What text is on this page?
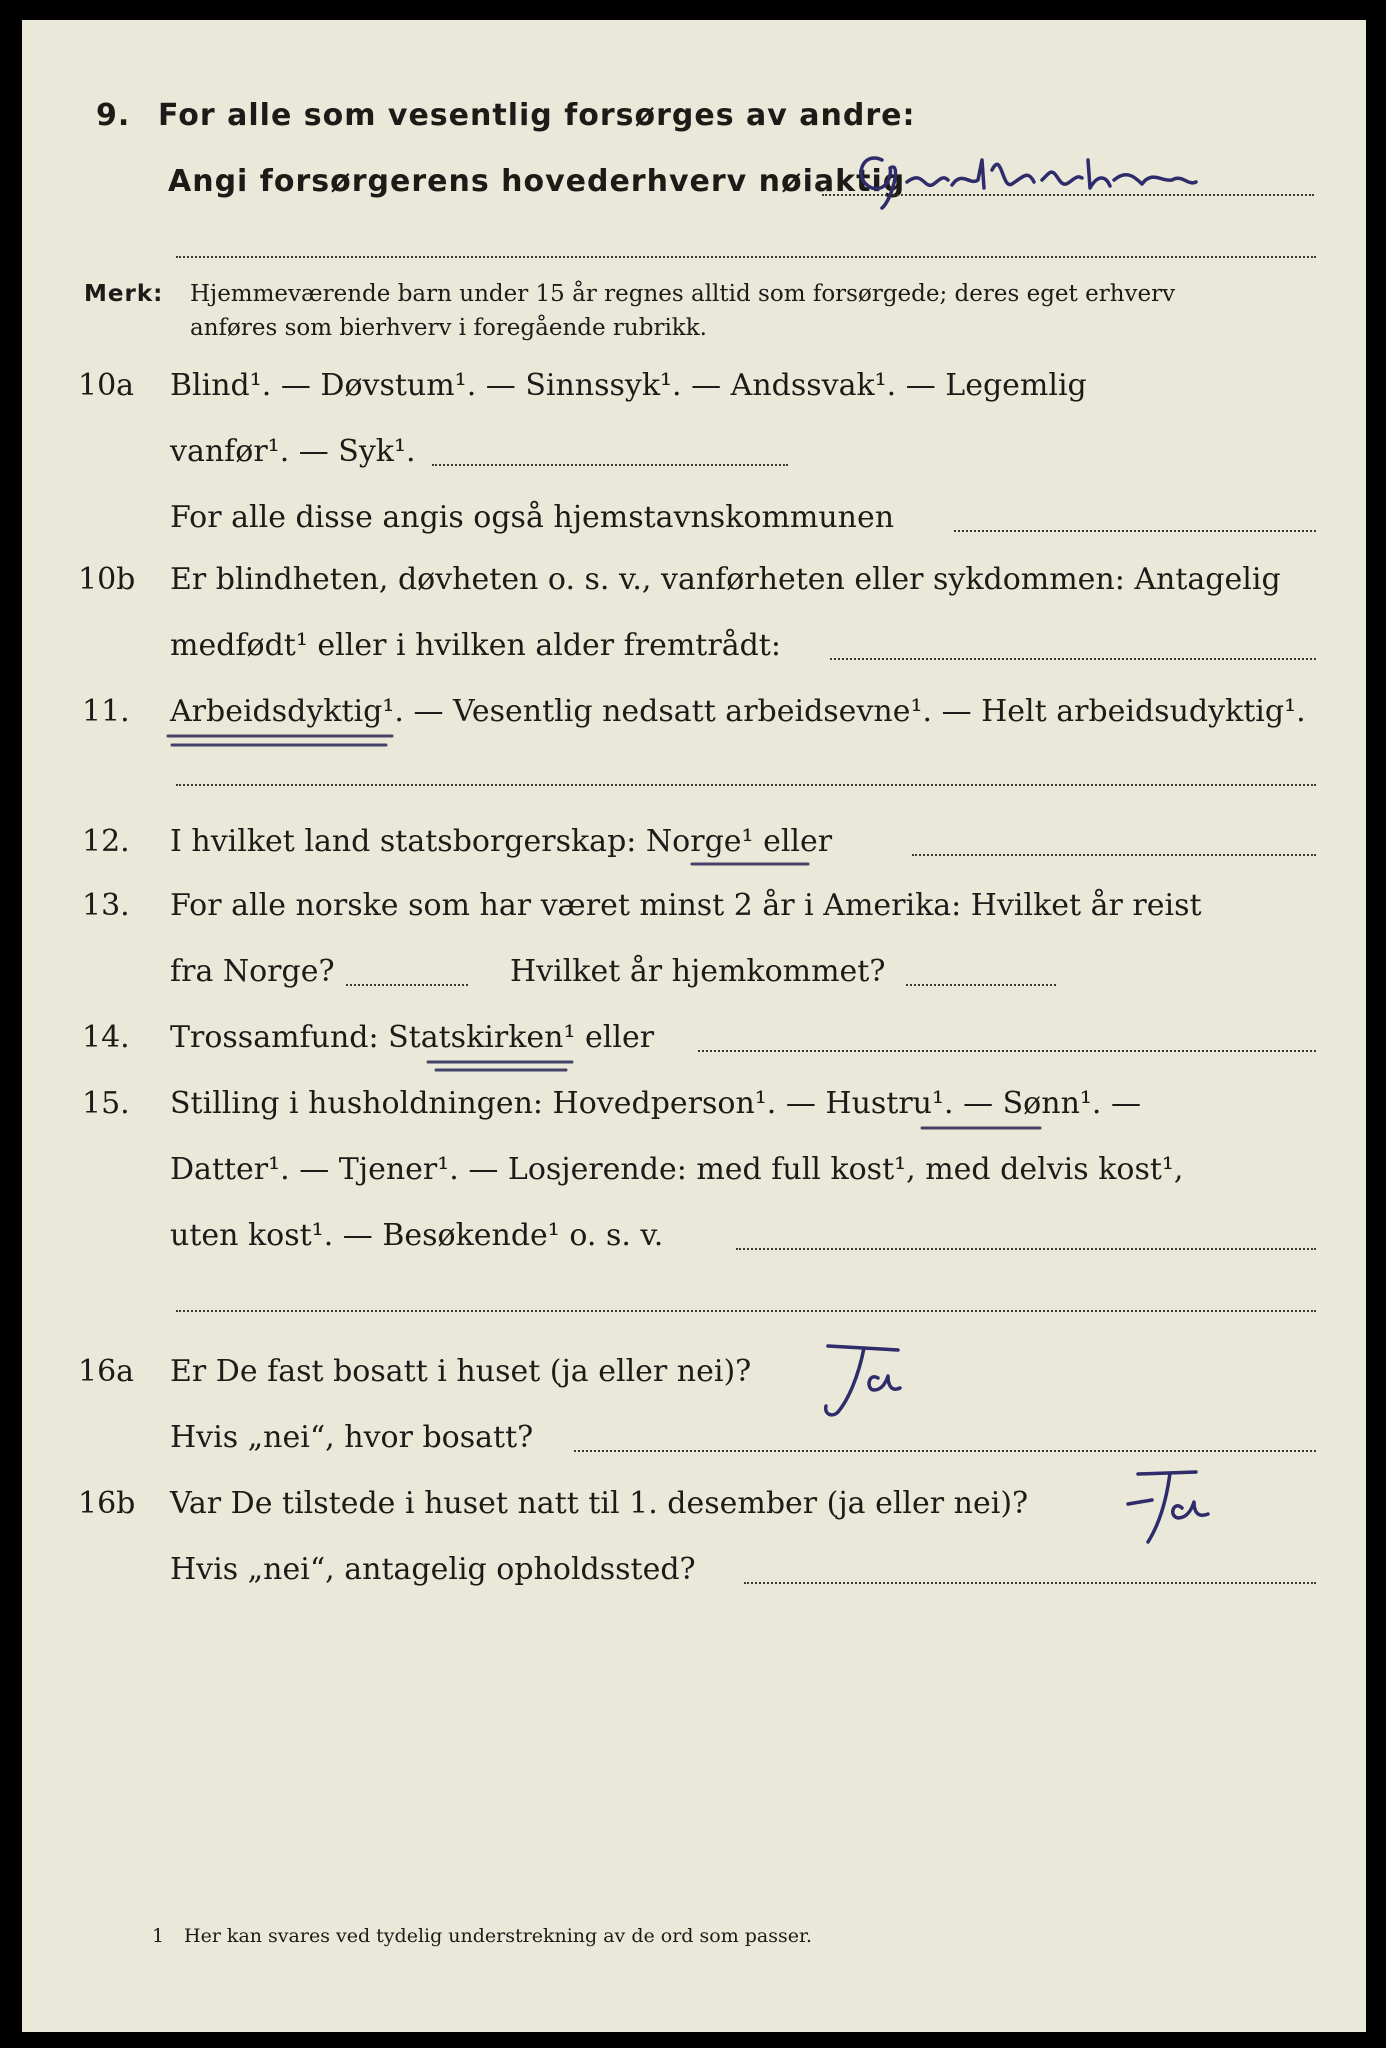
9. For alle som vesentlig forsørges av andre:
Angi forsørgerens hovederhverv nøiaktig
Merk: Hjemmeværende barn under 15 år regnes alltid som forsørgede; deres eget erhverv
anføres som bierhverv i foregående rubrikk.
10a Blind¹. — Døvstum¹. — Sinnssyk¹. — Andssvak¹. — Legemlig
vanfør¹. — Syk¹.
For alle disse angis også hjemstavnskommunen
10b Er blindheten, døvheten o. s. v., vanførheten eller sykdommen: Antagelig
medfødt¹ eller i hvilken alder fremtrådt:
11. Arbeidsdyktig¹. — Vesentlig nedsatt arbeidsevne¹. — Helt arbeidsudyktig¹.
12. I hvilket land statsborgerskap: Norge¹ eller
13. For alle norske som har været minst 2 år i Amerika: Hvilket år reist
fra Norge?	Hvilket år hjemkommet?
14. Trossamfund: Statskirken¹ eller
15. Stilling i husholdningen: Hovedperson¹. — Hustru¹. — Sønn¹. —
Datter¹. — Tjener¹. — Losjerende: med full kost¹, med delvis kost¹,
uten kost¹. — Besøkende¹ o. s. v.
16a Er De fast bosatt i huset (ja eller nei)?
Hvis „nei“, hvor bosatt?
16b Var De tilstede i huset natt til 1. desember (ja eller nei)?
Hvis „nei“, antagelig opholdssted?
1 Her kan svares ved tydelig understrekning av de ord som passer.
